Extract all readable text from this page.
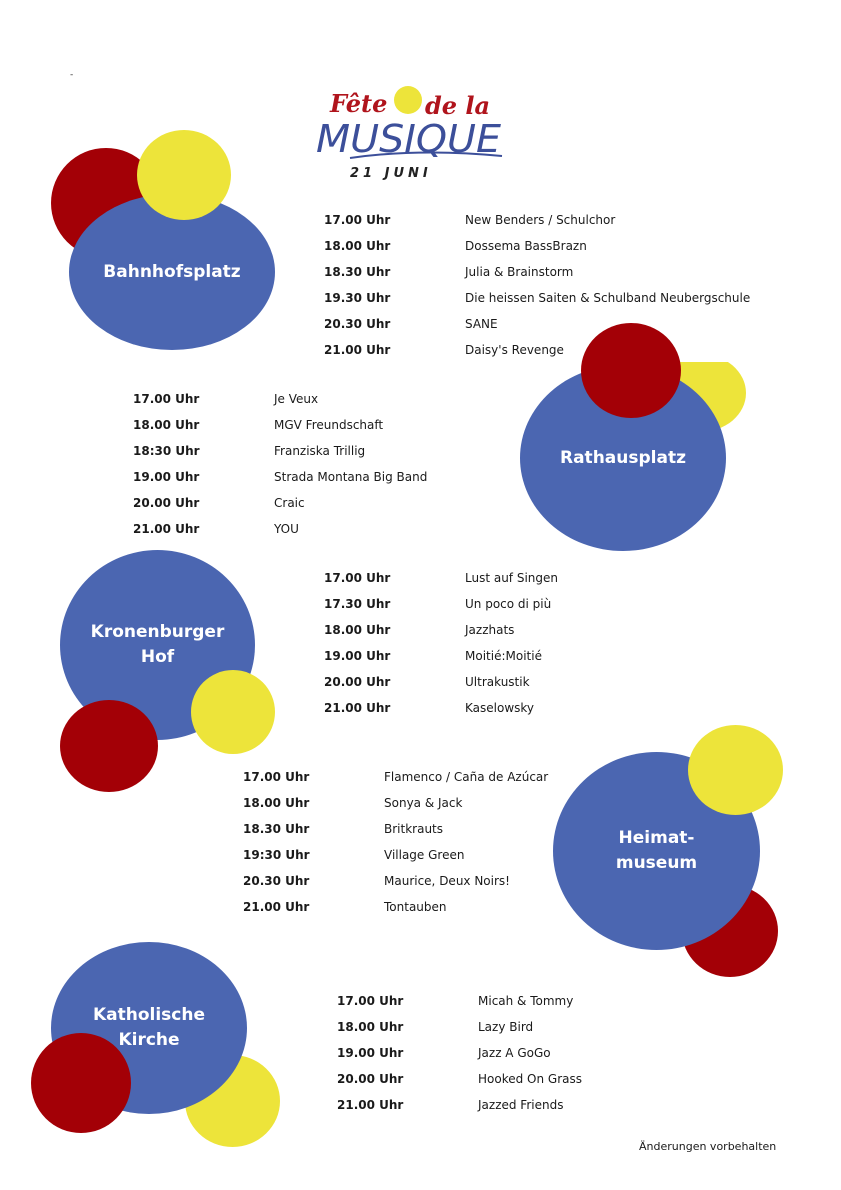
-
Fête de la
MUSIQUE
21 JUNI
Bahnhofsplatz
Rathausplatz
Kronenburger
Hof
Heimat-
museum
Katholische
Kirche
17.00 Uhr	New Benders / Schulchor
18.00 Uhr	Dossema BassBrazn
18.30 Uhr	Julia & Brainstorm
19.30 Uhr	Die heissen Saiten & Schulband Neubergschule
20.30 Uhr	SANE
21.00 Uhr	Daisy's Revenge
17.00 Uhr	Je Veux
18.00 Uhr	MGV Freundschaft
18:30 Uhr	Franziska Trillig
19.00 Uhr	Strada Montana Big Band
20.00 Uhr	Craic
21.00 Uhr	YOU
17.00 Uhr	Lust auf Singen
17.30 Uhr	Un poco di più
18.00 Uhr	Jazzhats
19.00 Uhr	Moitié:Moitié
20.00 Uhr	Ultrakustik
21.00 Uhr	Kaselowsky
17.00 Uhr	Flamenco / Caña de Azúcar
18.00 Uhr	Sonya & Jack
18.30 Uhr	Britkrauts
19:30 Uhr	Village Green
20.30 Uhr	Maurice, Deux Noirs!
21.00 Uhr	Tontauben
17.00 Uhr	Micah & Tommy
18.00 Uhr	Lazy Bird
19.00 Uhr	Jazz A GoGo
20.00 Uhr	Hooked On Grass
21.00 Uhr	Jazzed Friends
Änderungen vorbehalten
